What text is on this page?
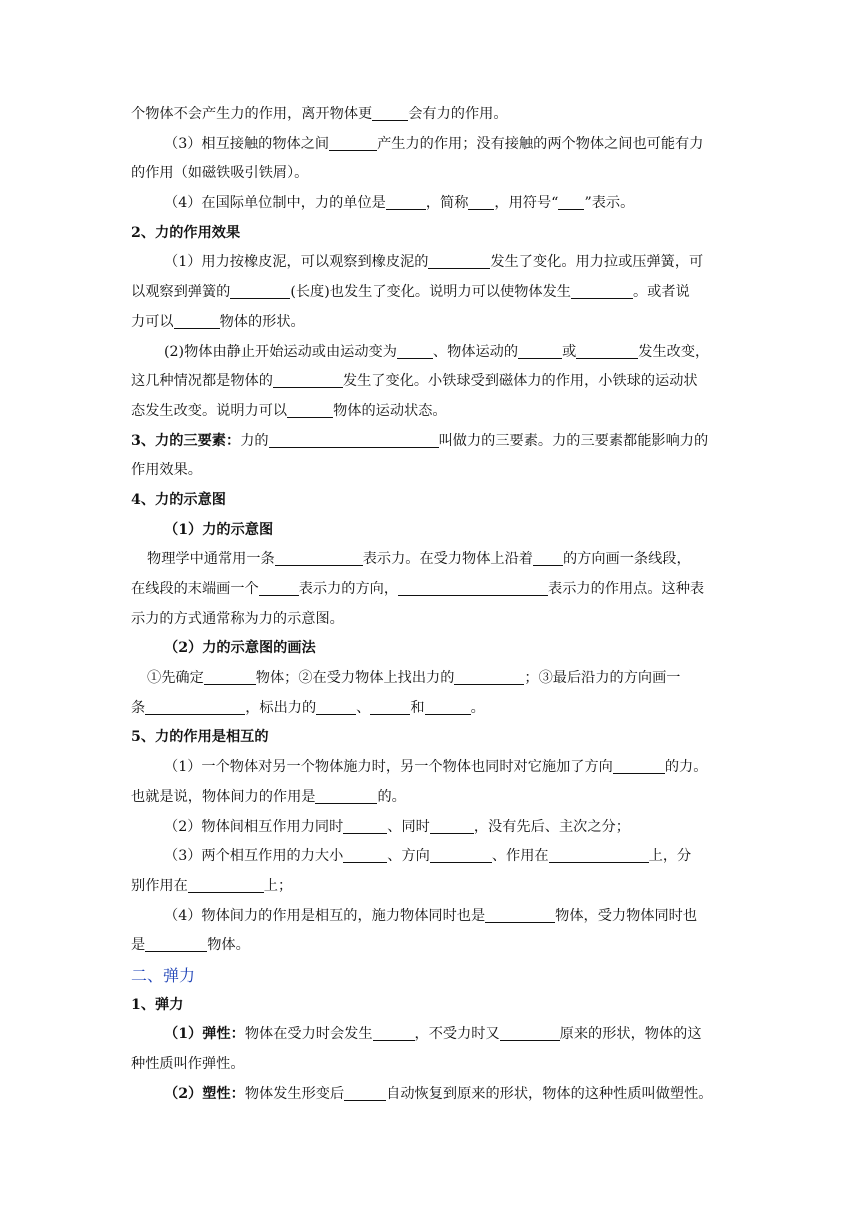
个物体不会产生力的作用，离开物体更	会有力的作用。
（3）相互接触的物体之间	产生力的作用；没有接触的两个物体之间也可能有力
的作用（如磁铁吸引铁屑）。
（4）在国际单位制中，力的单位是	，简称 ，用符号“ ”表示。
2、力的作用效果
（1）用力按橡皮泥，可以观察到橡皮泥的	发生了变化。用力拉或压弹簧，可
以观察到弹簧的	(长度)也发生了变化。说明力可以使物体发生	。或者说
力可以	物体的形状。
(2)物体由静止开始运动或由运动变为	、物体运动的	或	发生改变，
这几种情况都是物体的	发生了变化。小铁球受到磁体力的作用，小铁球的运动状
态发生改变。说明力可以	物体的运动状态。
3、力的三要素：力的	叫做力的三要素。力的三要素都能影响力的
作用效果。
4、力的示意图
（1）力的示意图
物理学中通常用一条	表示力。在受力物体上沿着 的方向画一条线段，
在线段的末端画一个	表示力的方向，	表示力的作用点。这种表
示力的方式通常称为力的示意图。
（2）力的示意图的画法
①先确定	物体；②在受力物体上找出力的	；③最后沿力的方向画一
条	，标出力的	、	和	。
5、力的作用是相互的
（1）一个物体对另一个物体施力时，另一个物体也同时对它施加了方向	的力。
也就是说，物体间力的作用是	的。
（2）物体间相互作用力同时	、同时	，没有先后、主次之分；
（3）两个相互作用的力大小	、方向	、作用在	上，分
别作用在	上；
（4）物体间力的作用是相互的，施力物体同时也是	物体，受力物体同时也
是	物体。
二、弹力
1、弹力
（1）弹性：物体在受力时会发生	，不受力时又	原来的形状，物体的这
种性质叫作弹性。
（2）塑性：物体发生形变后	自动恢复到原来的形状，物体的这种性质叫做塑性。
